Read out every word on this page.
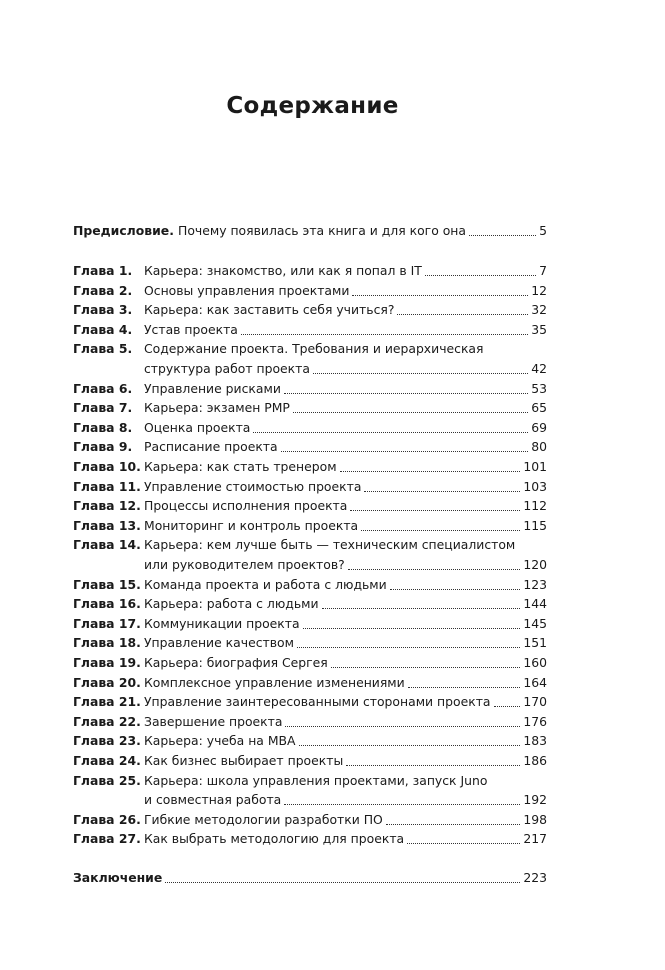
Содержание
Предисловие. Почему появилась эта книга и для кого она	5
Глава 1. Карьера: знакомство, или как я попал в IT	7
Глава 2. Основы управления проектами	12
Глава 3. Карьера: как заставить себя учиться?	32
Глава 4. Устав проекта	35
Глава 5. Содержание проекта. Требования и иерархическая
структура работ проекта	42
Глава 6. Управление рисками	53
Глава 7. Карьера: экзамен PMP	65
Глава 8. Оценка проекта	69
Глава 9. Расписание проекта	80
Глава 10. Карьера: как стать тренером	101
Глава 11. Управление стоимостью проекта	103
Глава 12. Процессы исполнения проекта	112
Глава 13. Мониторинг и контроль проекта	115
Глава 14. Карьера: кем лучше быть — техническим специалистом
или руководителем проектов?	120
Глава 15. Команда проекта и работа с людьми	123
Глава 16. Карьера: работа с людьми	144
Глава 17. Коммуникации проекта	145
Глава 18. Управление качеством	151
Глава 19. Карьера: биография Сергея	160
Глава 20. Комплексное управление изменениями	164
Глава 21. Управление заинтересованными сторонами проекта	170
Глава 22. Завершение проекта	176
Глава 23. Карьера: учеба на MBA	183
Глава 24. Как бизнес выбирает проекты	186
Глава 25. Карьера: школа управления проектами, запуск Juno
и совместная работа	192
Глава 26. Гибкие методологии разработки ПО	198
Глава 27. Как выбрать методологию для проекта	217
Заключение	223
